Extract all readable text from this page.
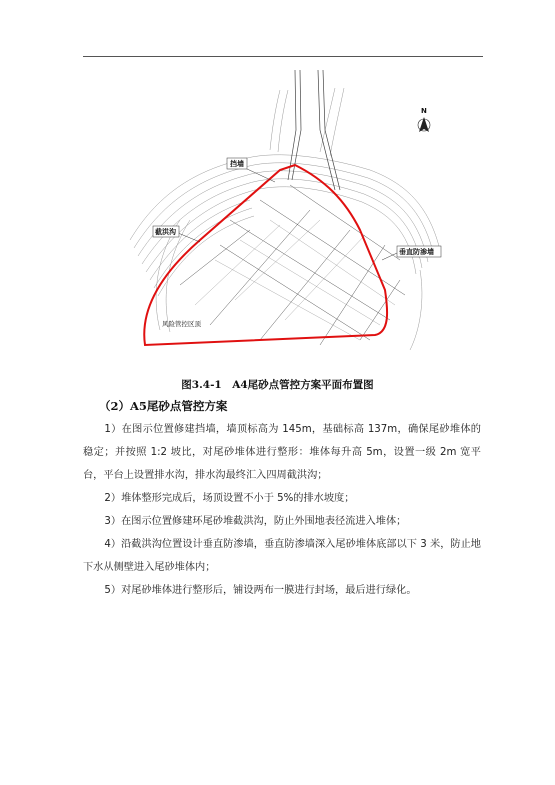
挡墙
截洪沟
垂直防渗墙
风险管控区顶
N
图3.4-1　A4尾砂点管控方案平面布置图
（2）A5尾砂点管控方案

1）在图示位置修建挡墙，墙顶标高为 145m，基础标高 137m，确保尾砂堆体的稳定；并按照 1:2 坡比，对尾砂堆体进行整形：堆体每升高 5m，设置一级 2m 宽平台，平台上设置排水沟，排水沟最终汇入四周截洪沟；

2）堆体整形完成后，场顶设置不小于 5%的排水坡度；

3）在图示位置修建环尾砂堆截洪沟，防止外围地表径流进入堆体；

4）沿截洪沟位置设计垂直防渗墙，垂直防渗墙深入尾砂堆体底部以下 3 米，防止地下水从侧壁进入尾砂堆体内；

5）对尾砂堆体进行整形后，铺设两布一膜进行封场，最后进行绿化。
